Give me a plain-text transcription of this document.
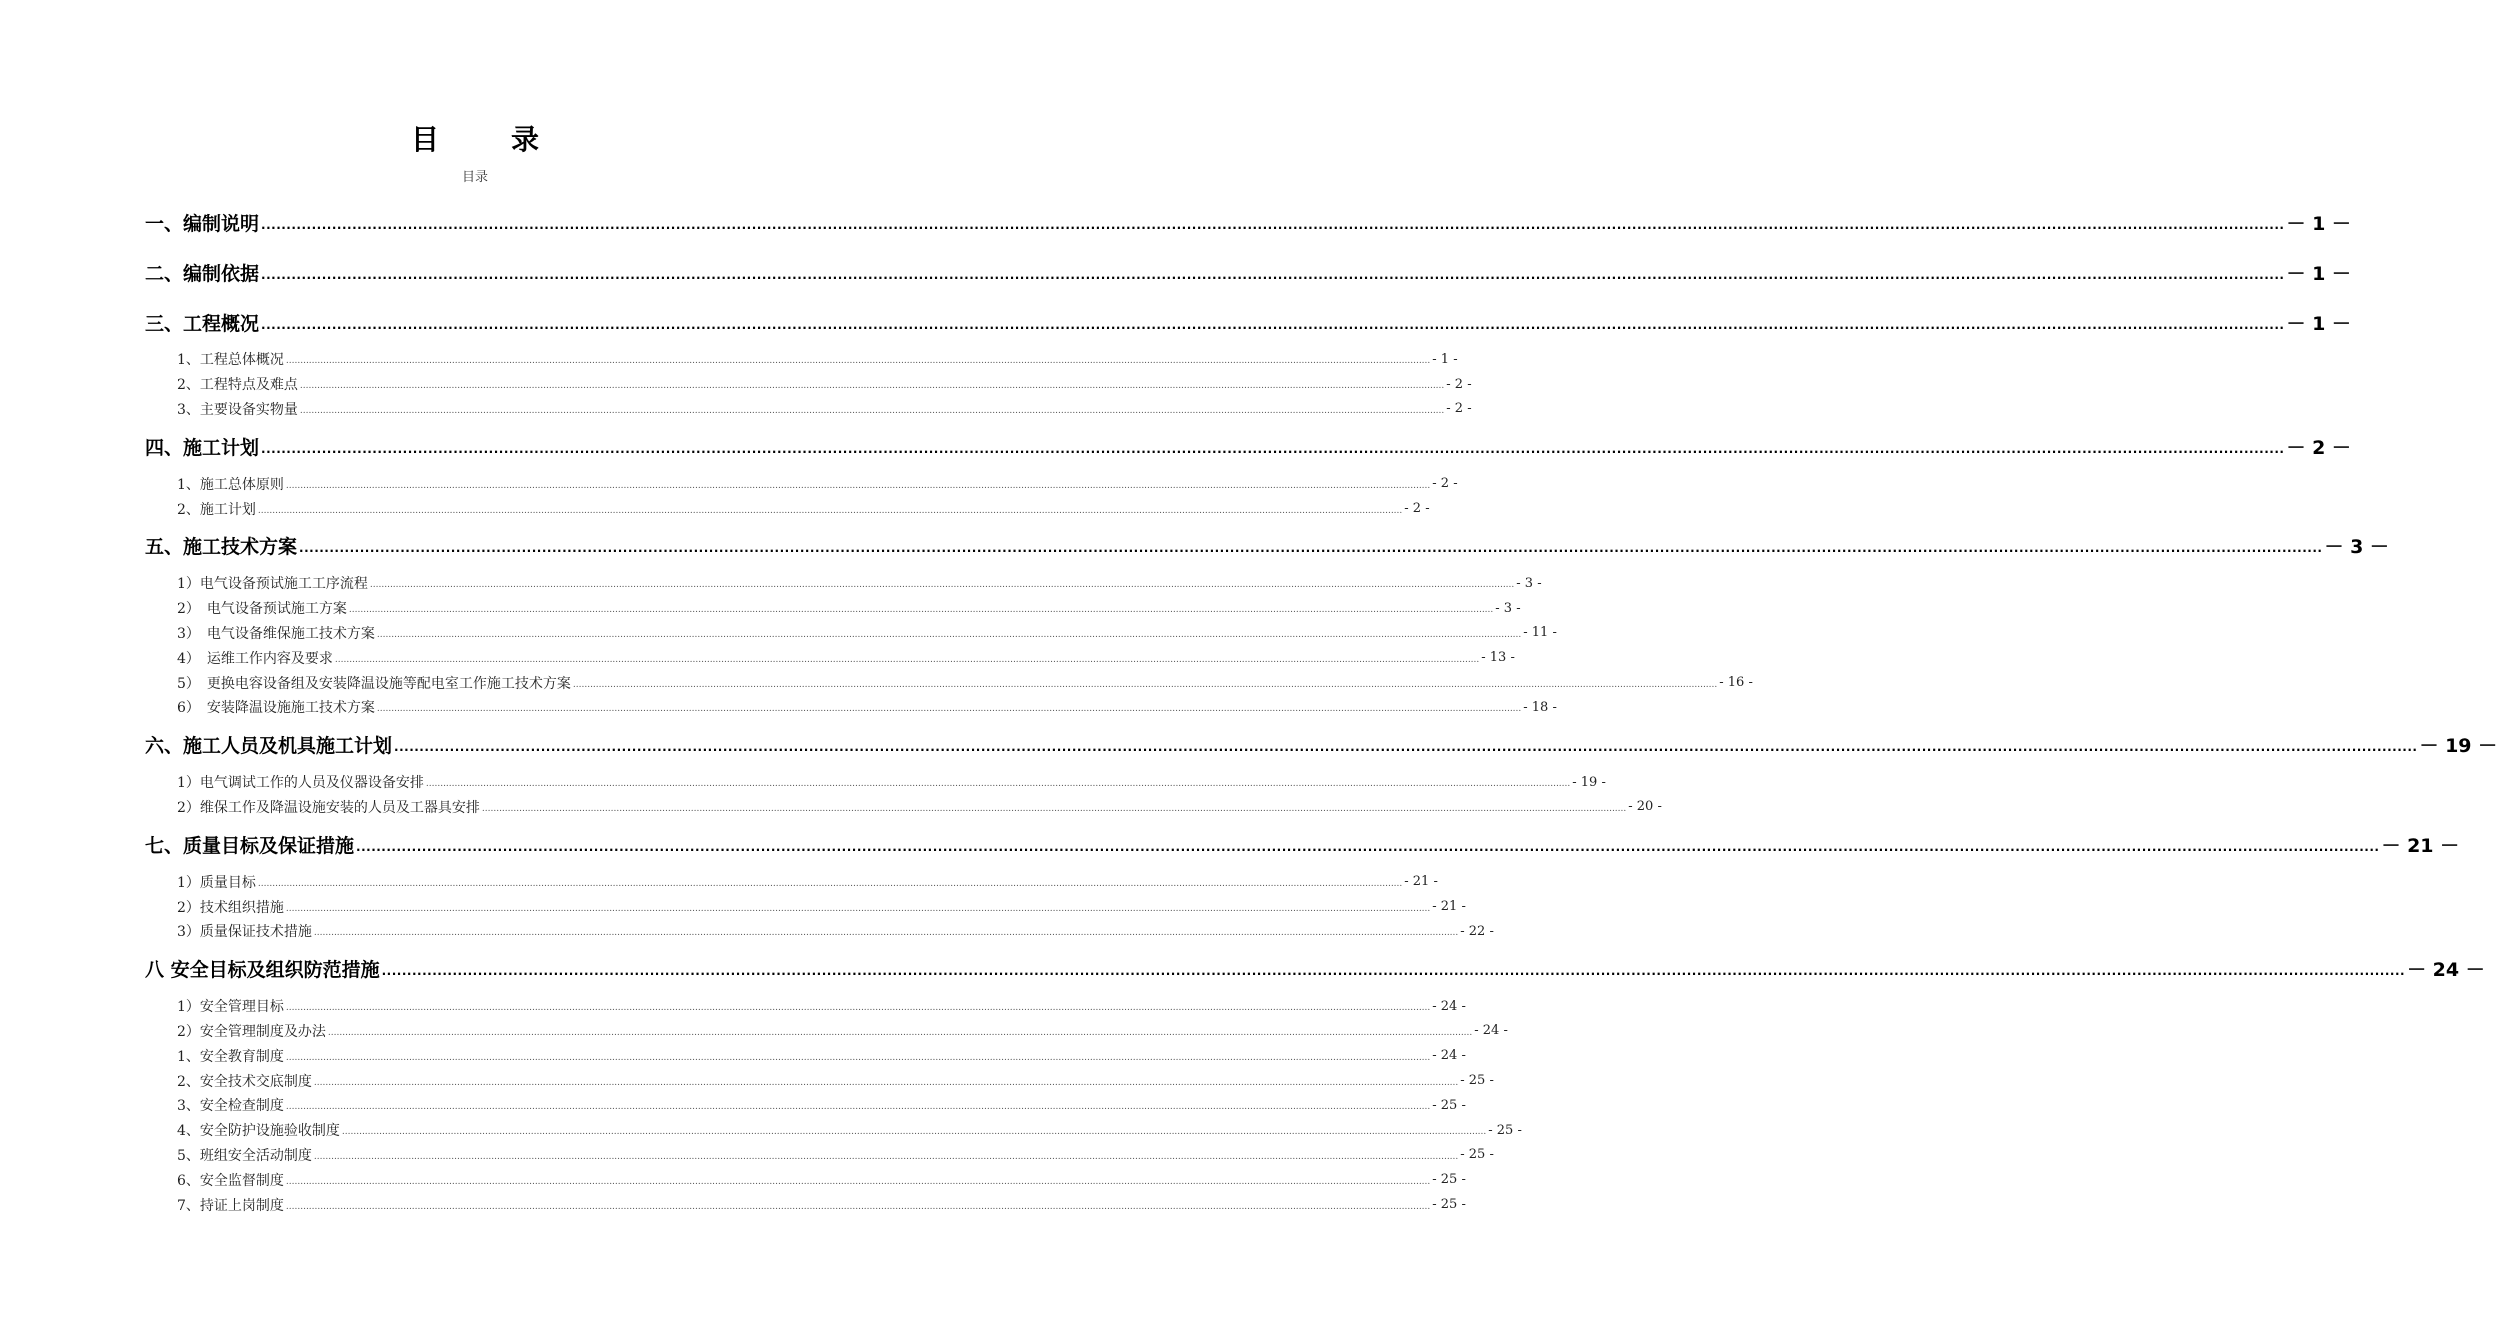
目　录
目录
一、编制说明 ................................................................................................................................................................................................................................................................................................................................................................................................................ － 1 －
二、编制依据 ................................................................................................................................................................................................................................................................................................................................................................................................................ － 1 －
三、工程概况 ................................................................................................................................................................................................................................................................................................................................................................................................................ － 1 －
1、工程总体概况 ................................................................................................................................................................................................................................................................................................................................................................................................................ - 1 -
2、工程特点及难点 ................................................................................................................................................................................................................................................................................................................................................................................................................ - 2 -
3、主要设备实物量 ................................................................................................................................................................................................................................................................................................................................................................................................................ - 2 -
四、施工计划 ................................................................................................................................................................................................................................................................................................................................................................................................................ － 2 －
1、施工总体原则 ................................................................................................................................................................................................................................................................................................................................................................................................................ - 2 -
2、施工计划 ................................................................................................................................................................................................................................................................................................................................................................................................................ - 2 -
五、施工技术方案 ................................................................................................................................................................................................................................................................................................................................................................................................................ － 3 －
1）电气设备预试施工工序流程 ................................................................................................................................................................................................................................................................................................................................................................................................................ - 3 -
2）　电气设备预试施工方案 ................................................................................................................................................................................................................................................................................................................................................................................................................ - 3 -
3）　电气设备维保施工技术方案 ................................................................................................................................................................................................................................................................................................................................................................................................................ - 11 -
4）　运维工作内容及要求 ................................................................................................................................................................................................................................................................................................................................................................................................................ - 13 -
5）　更换电容设备组及安装降温设施等配电室工作施工技术方案 ................................................................................................................................................................................................................................................................................................................................................................................................................ - 16 -
6）　安装降温设施施工技术方案 ................................................................................................................................................................................................................................................................................................................................................................................................................ - 18 -
六、施工人员及机具施工计划 ................................................................................................................................................................................................................................................................................................................................................................................................................ － 19 －
1）电气调试工作的人员及仪器设备安排 ................................................................................................................................................................................................................................................................................................................................................................................................................ - 19 -
2）维保工作及降温设施安装的人员及工器具安排 ................................................................................................................................................................................................................................................................................................................................................................................................................ - 20 -
七、质量目标及保证措施 ................................................................................................................................................................................................................................................................................................................................................................................................................ － 21 －
1）质量目标 ................................................................................................................................................................................................................................................................................................................................................................................................................ - 21 -
2）技术组织措施 ................................................................................................................................................................................................................................................................................................................................................................................................................ - 21 -
3）质量保证技术措施 ................................................................................................................................................................................................................................................................................................................................................................................................................ - 22 -
八 安全目标及组织防范措施 ................................................................................................................................................................................................................................................................................................................................................................................................................ － 24 －
1）安全管理目标 ................................................................................................................................................................................................................................................................................................................................................................................................................ - 24 -
2）安全管理制度及办法 ................................................................................................................................................................................................................................................................................................................................................................................................................ - 24 -
1、安全教育制度 ................................................................................................................................................................................................................................................................................................................................................................................................................ - 24 -
2、安全技术交底制度 ................................................................................................................................................................................................................................................................................................................................................................................................................ - 25 -
3、安全检查制度 ................................................................................................................................................................................................................................................................................................................................................................................................................ - 25 -
4、安全防护设施验收制度 ................................................................................................................................................................................................................................................................................................................................................................................................................ - 25 -
5、班组安全活动制度 ................................................................................................................................................................................................................................................................................................................................................................................................................ - 25 -
6、安全监督制度 ................................................................................................................................................................................................................................................................................................................................................................................................................ - 25 -
7、持证上岗制度 ................................................................................................................................................................................................................................................................................................................................................................................................................ - 25 -
